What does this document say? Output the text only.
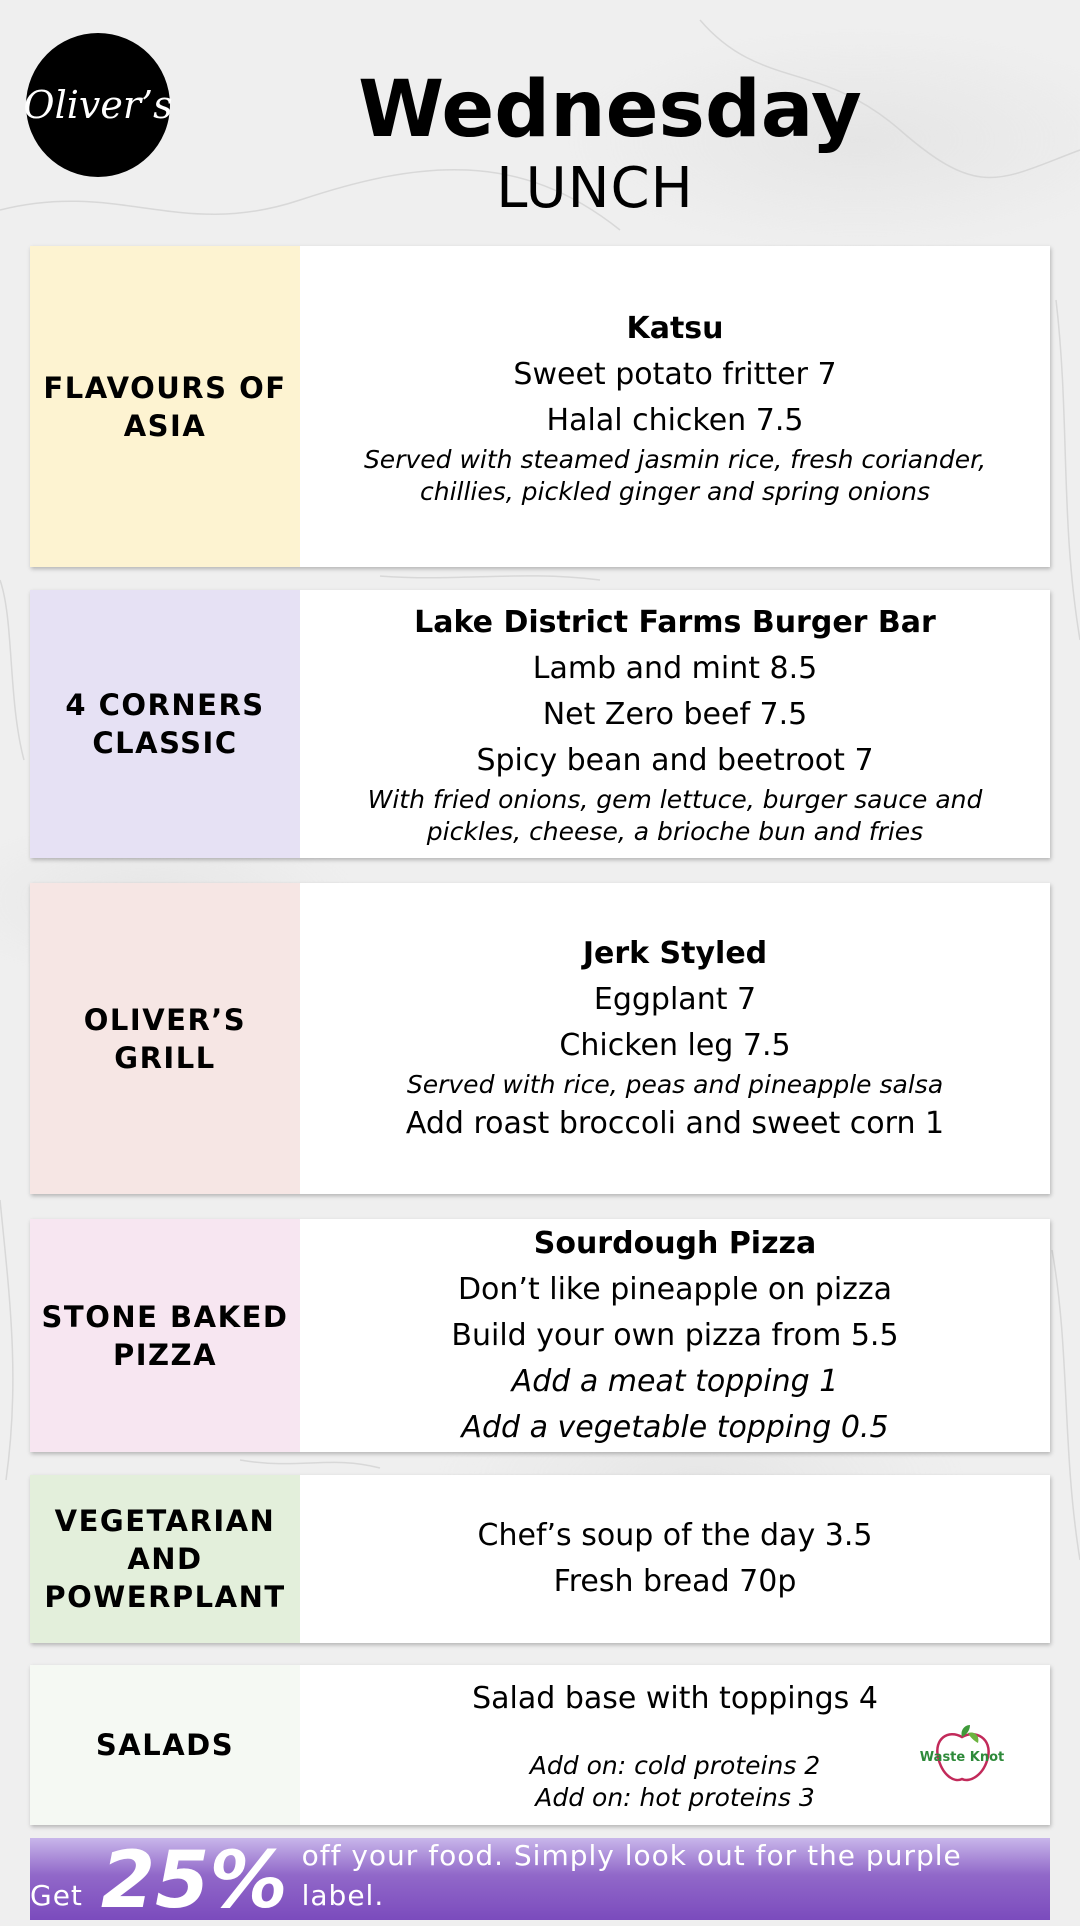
Oliver’s Wednesday
LUNCH
FLAVOURS OF ASIA
Katsu
Sweet potato fritter 7
Halal chicken 7.5
Served with steamed jasmin rice, fresh coriander, chillies, pickled ginger and spring onions
4 CORNERS CLASSIC
Lake District Farms Burger Bar
Lamb and mint 8.5
Net Zero beef 7.5
Spicy bean and beetroot 7
With fried onions, gem lettuce, burger sauce and pickles, cheese, a brioche bun and fries
OLIVER’S GRILL
Jerk Styled
Eggplant 7
Chicken leg 7.5
Served with rice, peas and pineapple salsa
Add roast broccoli and sweet corn 1
STONE BAKED PIZZA
Sourdough Pizza
Don’t like pineapple on pizza
Build your own pizza from 5.5
Add a meat topping 1
Add a vegetable topping 0.5
VEGETARIAN AND POWERPLANT
Chef’s soup of the day 3.5
Fresh bread 70p
SALADS
Salad base with toppings 4
Add on: cold proteins 2
Add on: hot proteins 3
Waste Knot
Get 25% off your food. Simply look out for the purple label.
